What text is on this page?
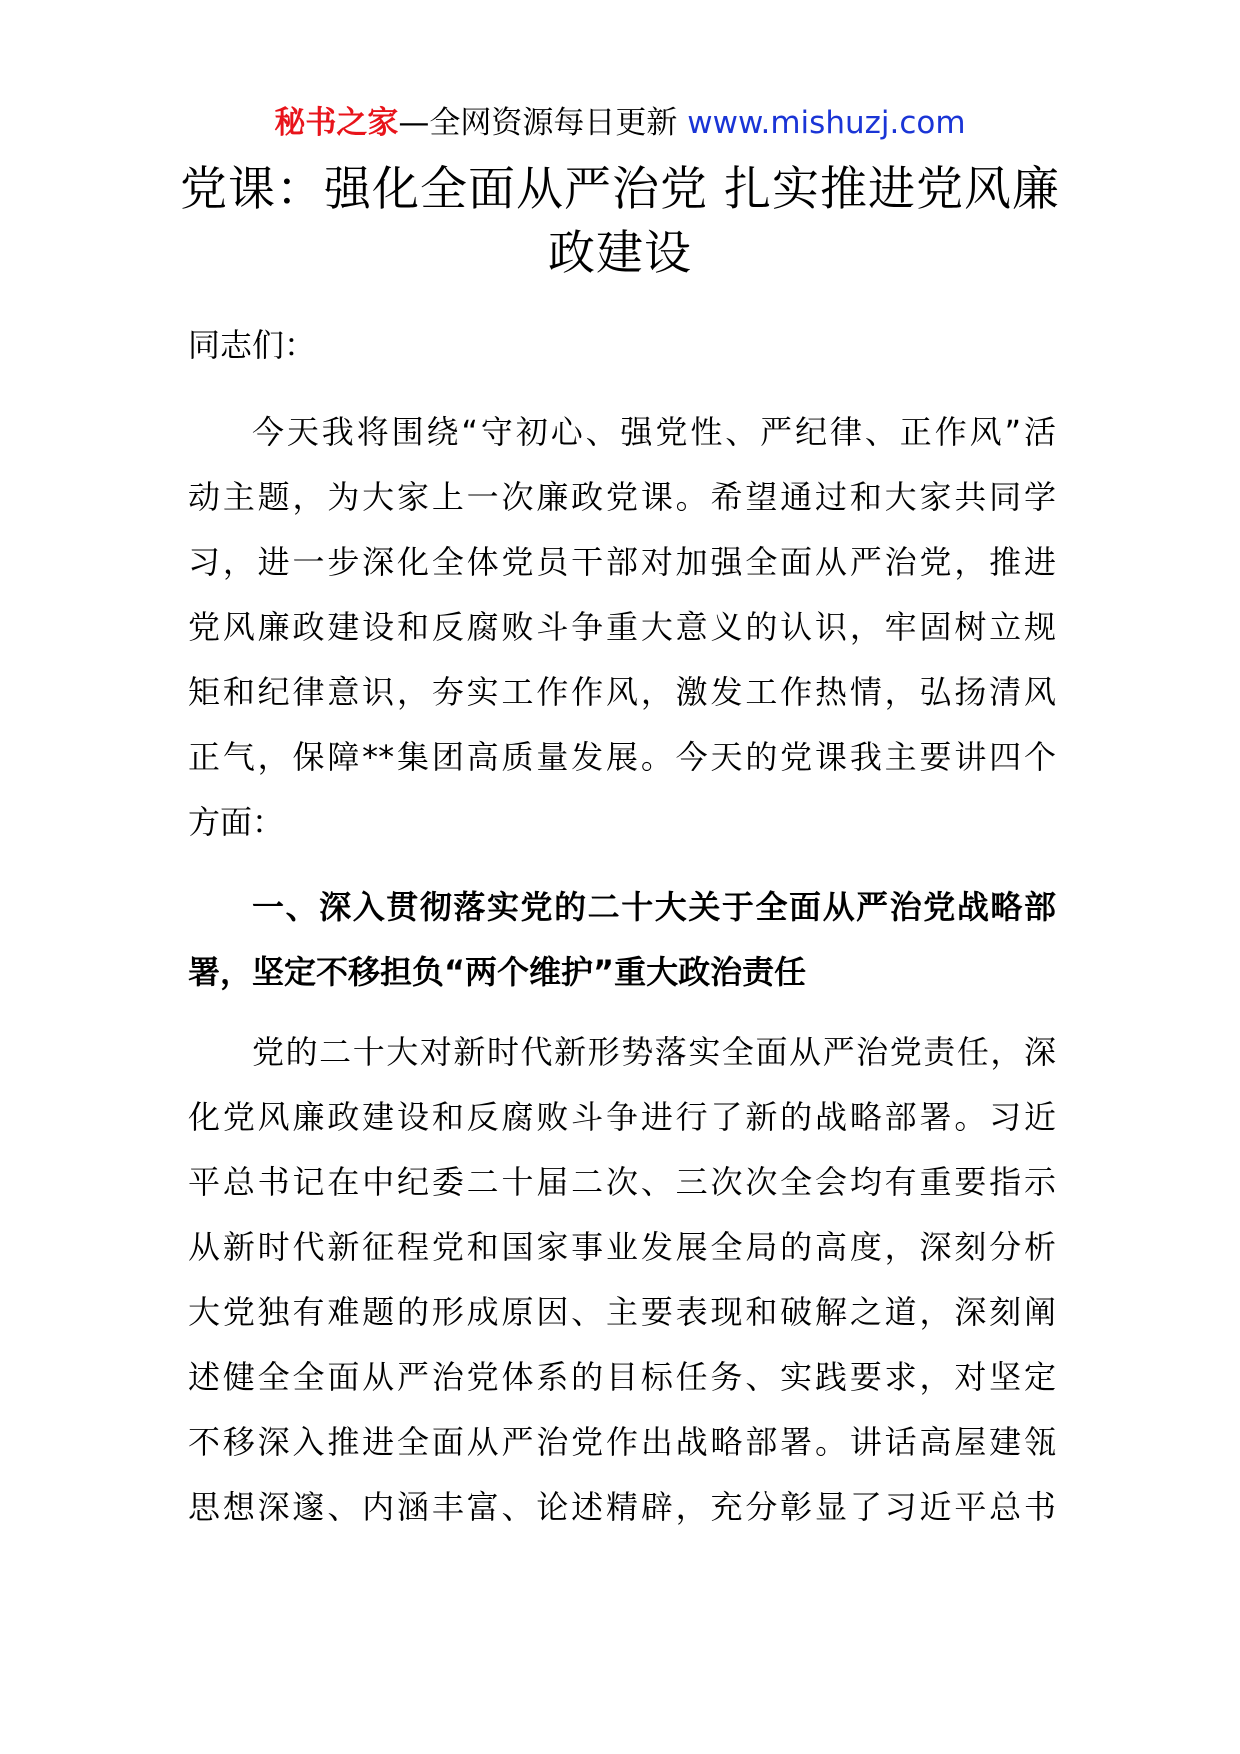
秘书之家—全网资源每日更新 www.mishuzj.com
党课：强化全面从严治党 扎实推进党风廉
政建设
同志们：
今天我将围绕“守初心、强党性、严纪律、正作风”活
动主题，为大家上一次廉政党课。希望通过和大家共同学
习，进一步深化全体党员干部对加强全面从严治党，推进
党风廉政建设和反腐败斗争重大意义的认识，牢固树立规
矩和纪律意识，夯实工作作风，激发工作热情，弘扬清风
正气，保障**集团高质量发展。今天的党课我主要讲四个
方面：
一、深入贯彻落实党的二十大关于全面从严治党战略部
署，坚定不移担负“两个维护”重大政治责任
党的二十大对新时代新形势落实全面从严治党责任，深
化党风廉政建设和反腐败斗争进行了新的战略部署。习近
平总书记在中纪委二十届二次、三次次全会均有重要指示
从新时代新征程党和国家事业发展全局的高度，深刻分析
大党独有难题的形成原因、主要表现和破解之道，深刻阐
述健全全面从严治党体系的目标任务、实践要求，对坚定
不移深入推进全面从严治党作出战略部署。讲话高屋建瓴
思想深邃、内涵丰富、论述精辟，充分彰显了习近平总书
